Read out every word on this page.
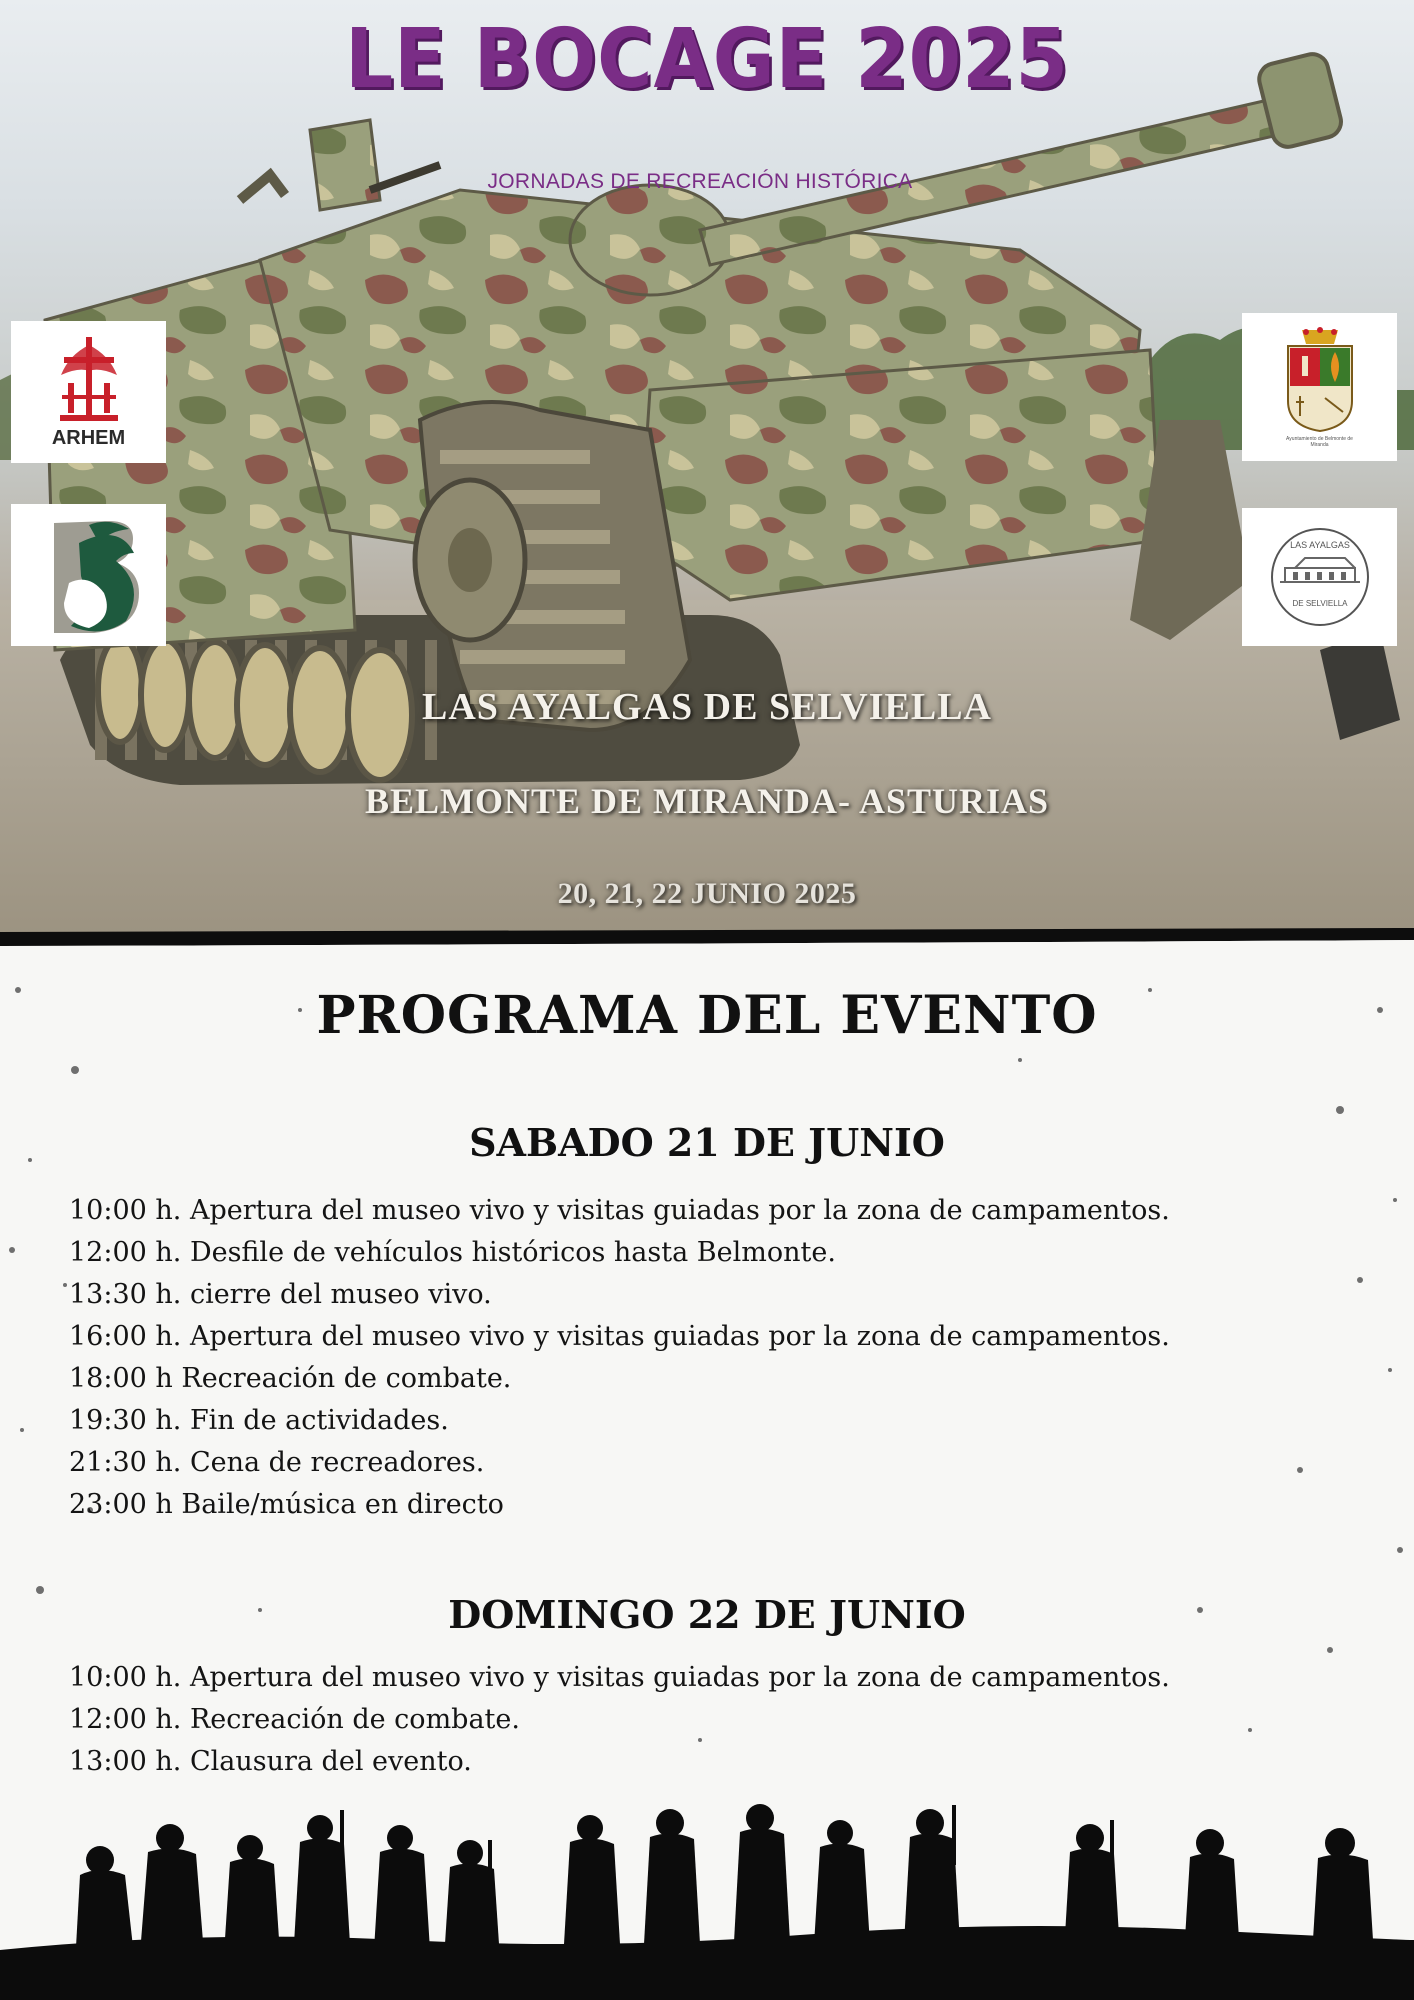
LE BOCAGE 2025
JORNADAS DE RECREACIÓN HISTÓRICA
ARHEM	Ayuntamiento de Belmonte de Miranda
LAS AYALGAS
DE SELVIELLA
LAS AYALGAS DE SELVIELLA
BELMONTE DE MIRANDA- ASTURIAS
20, 21, 22 JUNIO 2025
PROGRAMA DEL EVENTO
SABADO 21 DE JUNIO
10:00 h. Apertura del museo vivo y visitas guiadas por la zona de campamentos.
12:00 h. Desfile de vehículos históricos hasta Belmonte.
13:30 h. cierre del museo vivo.
16:00 h. Apertura del museo vivo y visitas guiadas por la zona de campamentos.
18:00 h Recreación de combate.
19:30 h. Fin de actividades.
21:30 h. Cena de recreadores.
23:00 h Baile/música en directo
DOMINGO 22 DE JUNIO
10:00 h. Apertura del museo vivo y visitas guiadas por la zona de campamentos.
12:00 h. Recreación de combate.
13:00 h. Clausura del evento.
